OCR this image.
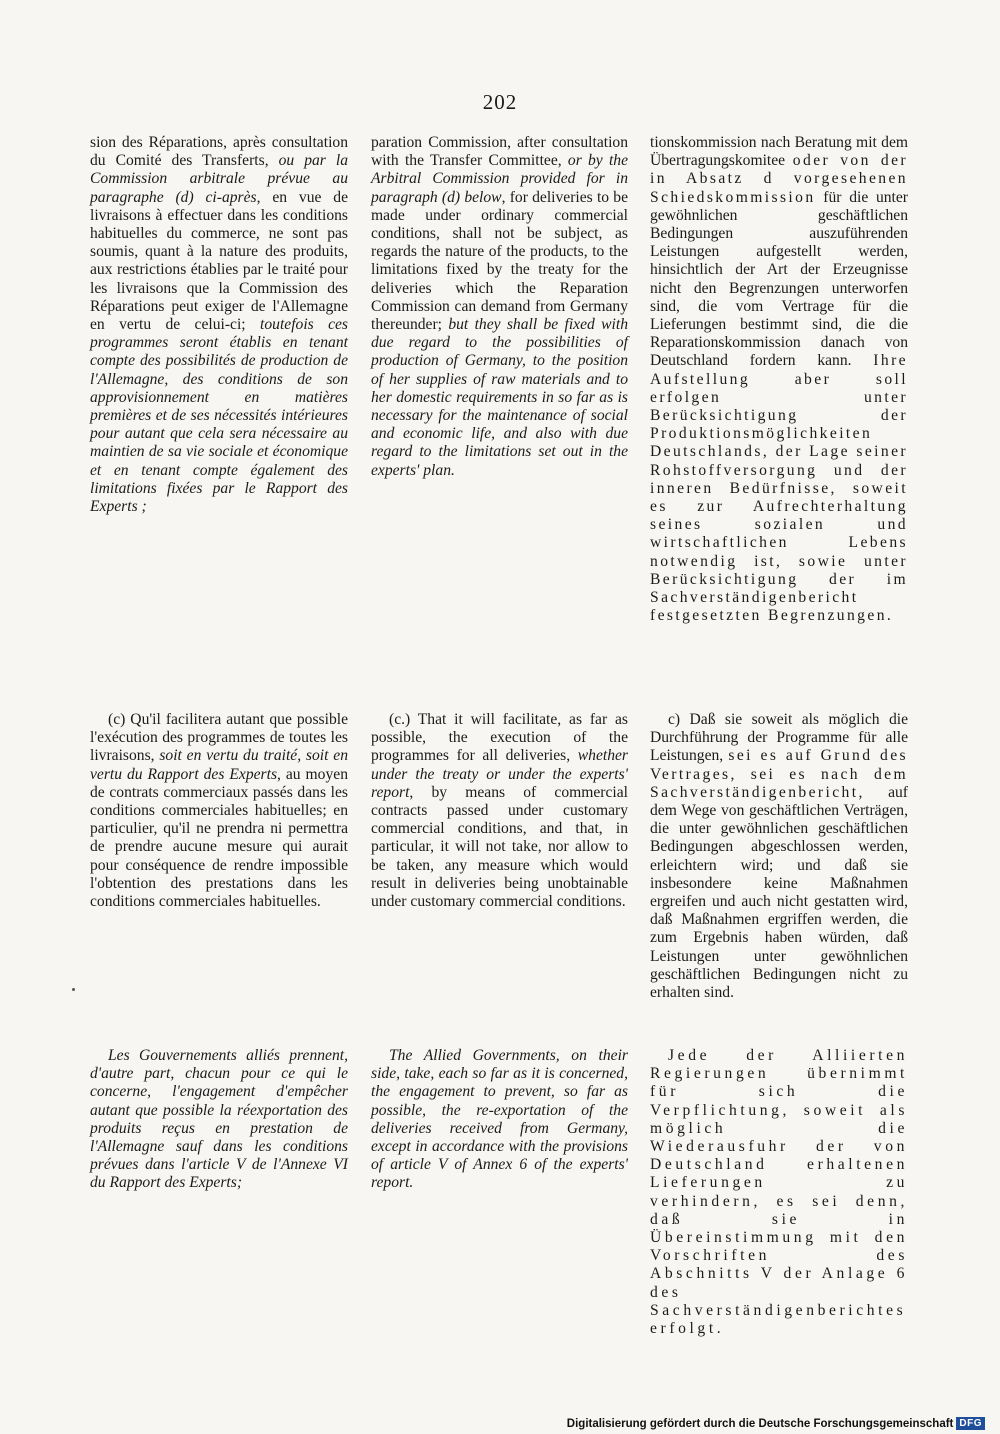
202
sion des Réparations, après consultation du Comité des Transferts, ou par la Commission arbitrale prévue au paragraphe (d) ci-après, en vue de livraisons à effectuer dans les conditions habituelles du commerce, ne sont pas soumis, quant à la nature des produits, aux restrictions établies par le traité pour les livraisons que la Commission des Réparations peut exiger de l'Allemagne en vertu de celui-ci; toutefois ces programmes seront établis en tenant compte des possibilités de production de l'Allemagne, des conditions de son approvisionnement en matières premières et de ses nécessités intérieures pour autant que cela sera nécessaire au maintien de sa vie sociale et économique et en tenant compte également des limitations fixées par le Rapport des Experts ;
paration Commission, after consultation with the Transfer Committee, or by the Arbitral Commission provided for in paragraph (d) below, for deliveries to be made under ordinary commercial conditions, shall not be subject, as regards the nature of the products, to the limitations fixed by the treaty for the deliveries which the Reparation Commission can demand from Germany thereunder; but they shall be fixed with due regard to the possibilities of production of Germany, to the position of her supplies of raw materials and to her domestic requirements in so far as is necessary for the maintenance of social and economic life, and also with due regard to the limitations set out in the experts' plan.
tionskommission nach Beratung mit dem Übertragungskomitee oder von der in Absatz d vorgesehenen Schiedskommission für die unter gewöhnlichen geschäftlichen Bedingungen auszuführenden Leistungen aufgestellt werden, hinsichtlich der Art der Erzeugnisse nicht den Begrenzungen unterworfen sind, die vom Vertrage für die Lieferungen bestimmt sind, die die Reparationskommission danach von Deutschland fordern kann. Ihre Aufstellung aber soll erfolgen unter Berücksichtigung der Produktionsmöglichkeiten Deutschlands, der Lage seiner Rohstoffversorgung und der inneren Bedürfnisse, soweit es zur Aufrechterhaltung seines sozialen und wirtschaftlichen Lebens notwendig ist, sowie unter Berücksichtigung der im Sachverständigenbericht festgesetzten Begrenzungen.
(c) Qu'il facilitera autant que possible l'exécution des programmes de toutes les livraisons, soit en vertu du traité, soit en vertu du Rapport des Experts, au moyen de contrats commerciaux passés dans les conditions commerciales habituelles; en particulier, qu'il ne prendra ni permettra de prendre aucune mesure qui aurait pour conséquence de rendre impossible l'obtention des prestations dans les conditions commerciales habituelles.
(c.) That it will facilitate, as far as possible, the execution of the programmes for all deliveries, whether under the treaty or under the experts' report, by means of commercial contracts passed under customary commercial conditions, and that, in particular, it will not take, nor allow to be taken, any measure which would result in deliveries being unobtainable under customary commercial conditions.
c) Daß sie soweit als möglich die Durchführung der Programme für alle Leistungen, sei es auf Grund des Vertrages, sei es nach dem Sachverständigenbericht, auf dem Wege von geschäftlichen Verträgen, die unter gewöhnlichen geschäftlichen Bedingungen abgeschlossen werden, erleichtern wird; und daß sie insbesondere keine Maßnahmen ergreifen und auch nicht gestatten wird, daß Maßnahmen ergriffen werden, die zum Ergebnis haben würden, daß Leistungen unter gewöhnlichen geschäftlichen Bedingungen nicht zu erhalten sind.
Les Gouvernements alliés prennent, d'autre part, chacun pour ce qui le concerne, l'engagement d'empêcher autant que possible la réexportation des produits reçus en prestation de l'Allemagne sauf dans les conditions prévues dans l'article V de l'Annexe VI du Rapport des Experts;
The Allied Governments, on their side, take, each so far as it is concerned, the engagement to prevent, so far as possible, the re-exportation of the deliveries received from Germany, except in accordance with the provisions of article V of Annex 6 of the experts' report.
Jede der Alliierten Regierungen übernimmt für sich die Verpflichtung, soweit als möglich die Wiederausfuhr der von Deutschland erhaltenen Lieferungen zu verhindern, es sei denn, daß sie in Übereinstimmung mit den Vorschriften des Abschnitts V der Anlage 6 des Sachverständigenberichtes erfolgt.
Digitalisierung gefördert durch die Deutsche Forschungsgemeinschaft DFG
